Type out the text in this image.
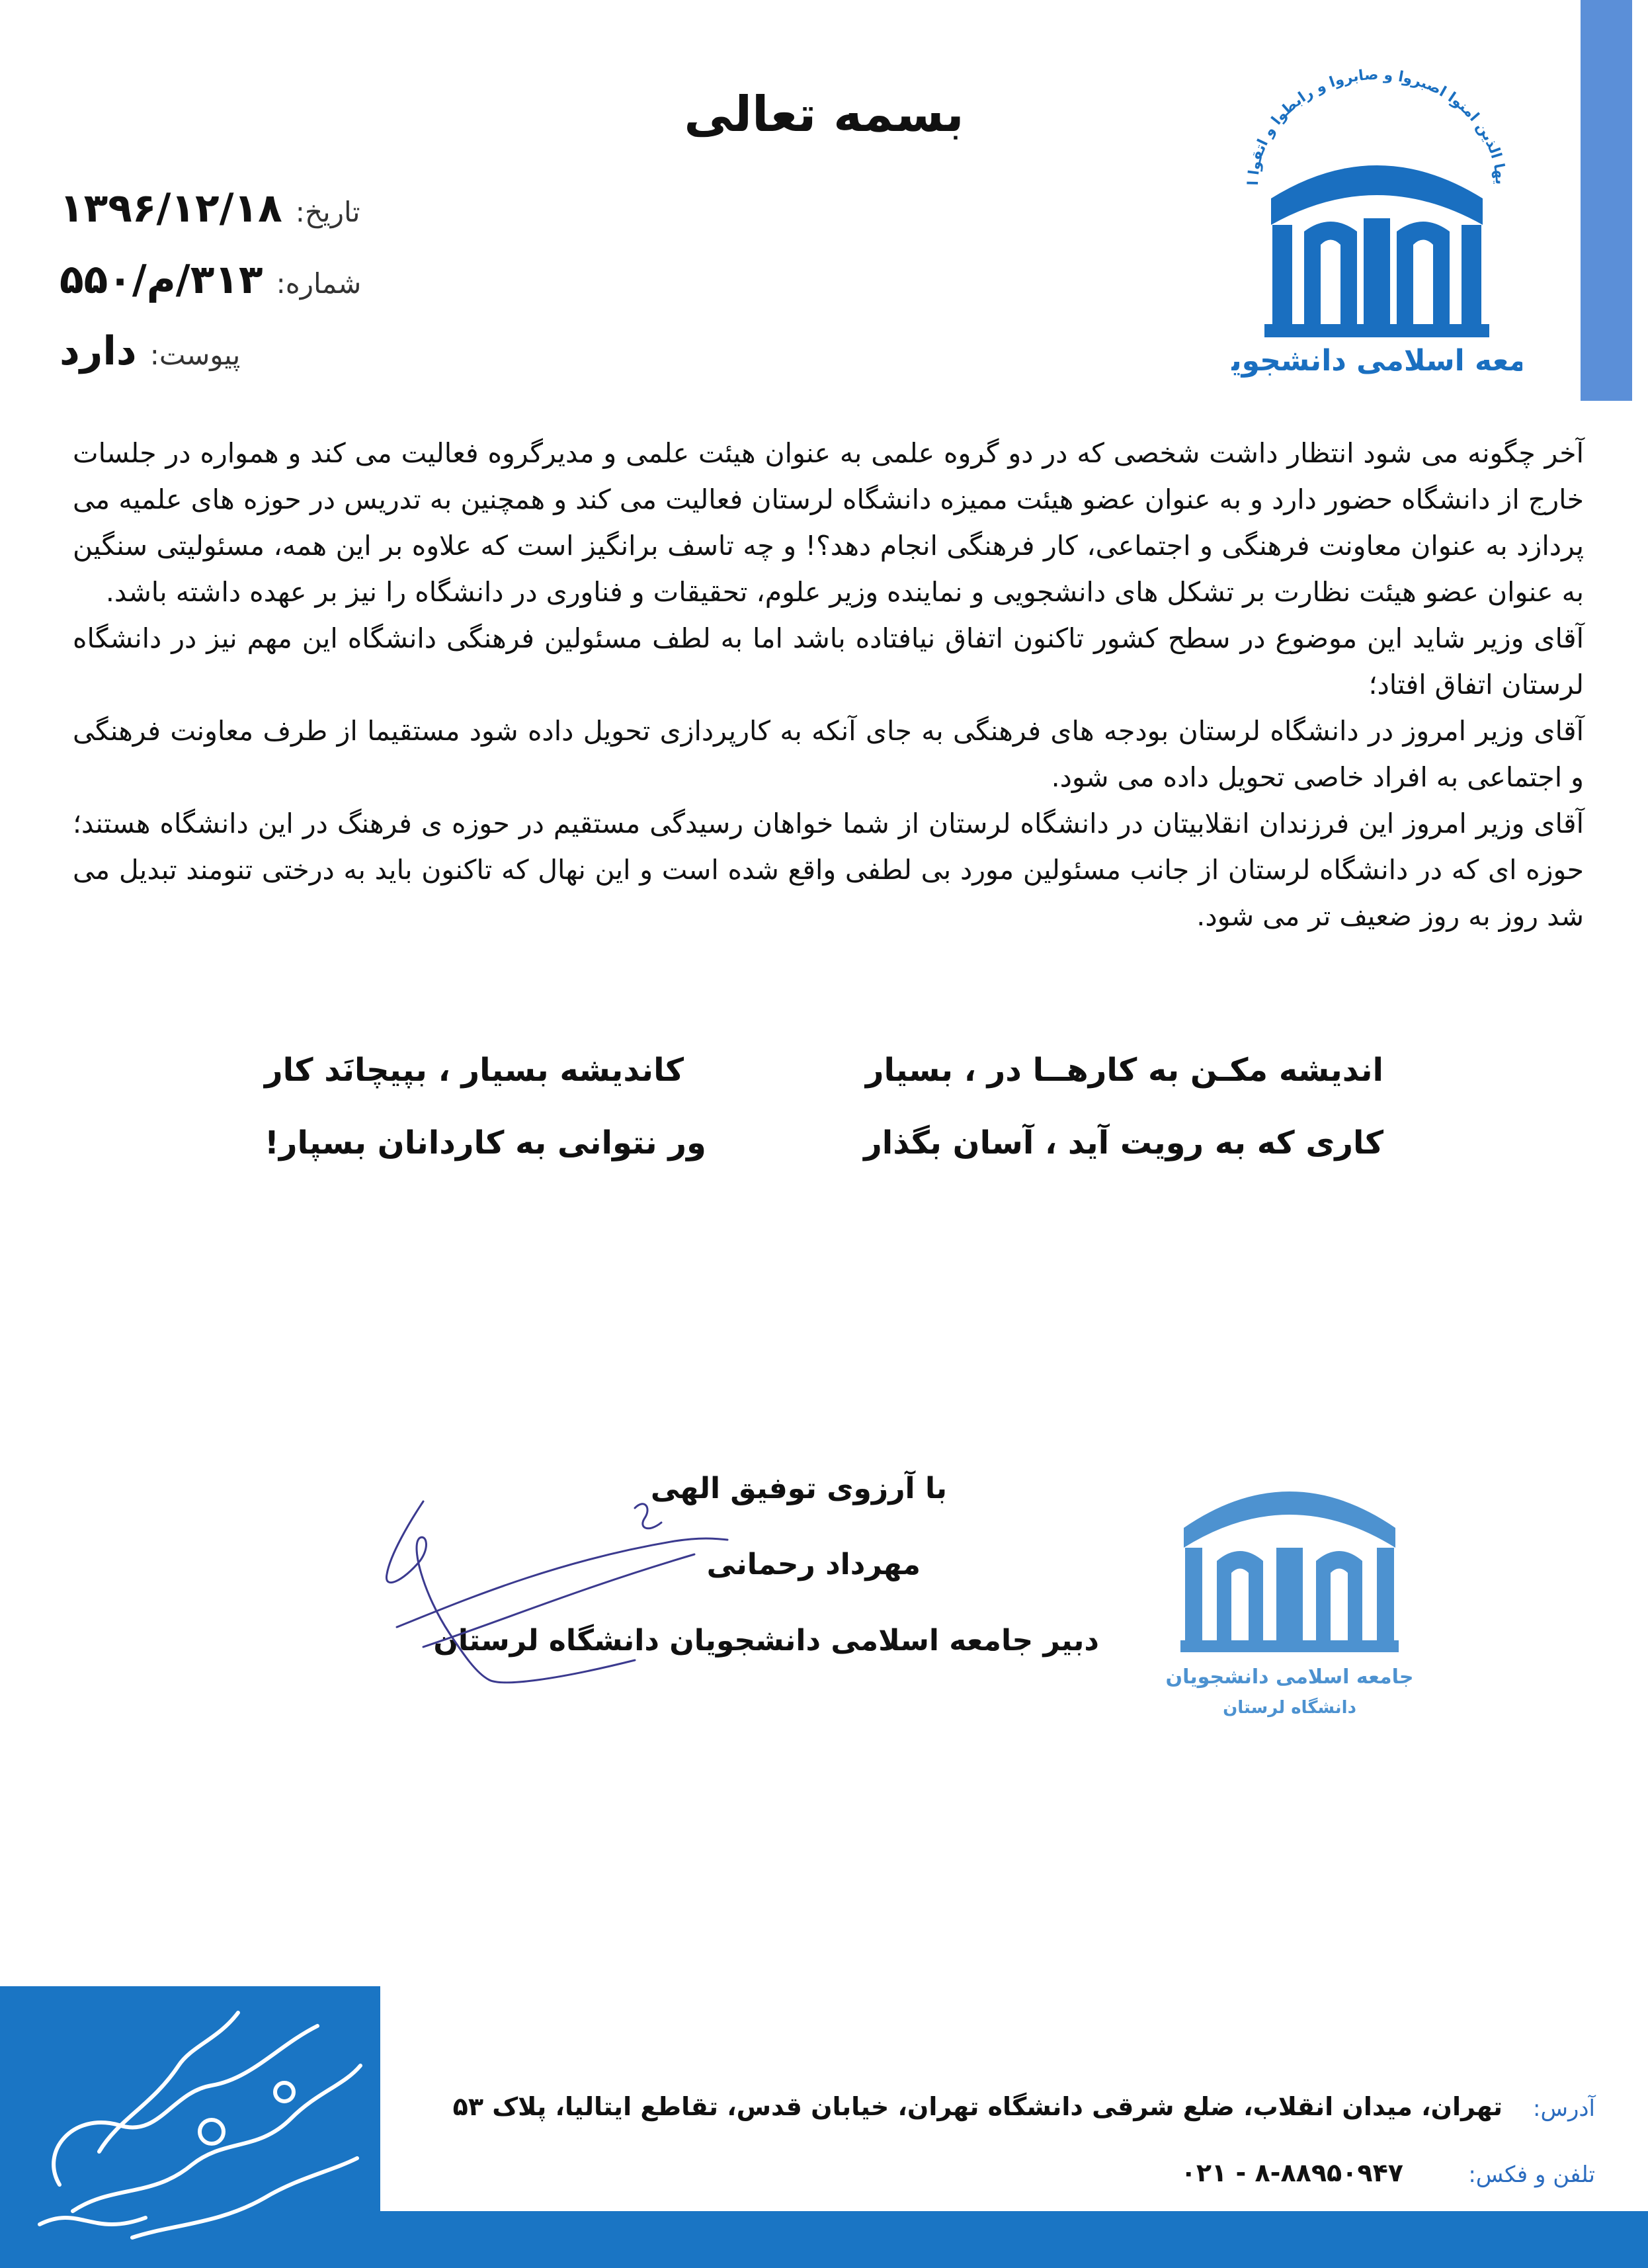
یها الذین امنوا اصبروا و صابروا و رابطوا و اتقوا ا
معه اسلامی دانشجوی
بسمه تعالی
تاریخ:۱۳۹۶/۱۲/۱۸
شماره:۳۱۳/م/۵۵۰
پیوست:دارد

آخر چگونه می شود انتظار داشت شخصی که در دو گروه علمی به عنوان هیئت علمی و مدیرگروه فعالیت می کند و همواره در جلسات خارج از دانشگاه حضور دارد و به عنوان عضو هیئت ممیزه دانشگاه لرستان فعالیت می کند و همچنین به تدریس در حوزه های علمیه می پردازد به عنوان معاونت فرهنگی و اجتماعی، کار فرهنگی انجام دهد؟! و چه تاسف برانگیز است که علاوه بر این همه، مسئولیتی سنگین به عنوان عضو هیئت نظارت بر تشکل های دانشجویی و نماینده وزیر علوم، تحقیقات و فناوری در دانشگاه را نیز بر عهده داشته باشد.

آقای وزیر شاید این موضوع در سطح کشور تاکنون اتفاق نیافتاده باشد اما به لطف مسئولین فرهنگی دانشگاه این مهم نیز در دانشگاه لرستان اتفاق افتاد؛

آقای وزیر امروز در دانشگاه لرستان بودجه های فرهنگی به جای آنکه به کارپردازی تحویل داده شود مستقیما از طرف معاونت فرهنگی و اجتماعی به افراد خاصی تحویل داده می شود.

آقای وزیر امروز این فرزندان انقلابیتان در دانشگاه لرستان از شما خواهان رسیدگی مستقیم در حوزه ی فرهنگ در این دانشگاه هستند؛ حوزه ای که در دانشگاه لرستان از جانب مسئولین مورد بی لطفی واقع شده است و این نهال که تاکنون باید به درختی تنومند تبدیل می شد روز به روز ضعیف تر می شود.

اندیشه مکـن به کارهــا در ، بسیار
کاری که به رویت آید ، آسان بگذار
کاندیشه بسیار ، بپیچانَد کار
ور نتوانی به کاردانان بسپار!
با آرزوی توفیق الهی
مهرداد رحمانی
دبیر جامعه اسلامی دانشجویان دانشگاه لرستان
جامعه اسلامی دانشجویان
دانشگاه لرستان
آدرس:
تهران، میدان انقلاب، ضلع شرقی دانشگاه تهران، خیابان قدس، تقاطع ایتالیا، پلاک ۵۳
تلفن و فکس:
۰۲۱ - ۸-۸۸۹۵۰۹۴۷
